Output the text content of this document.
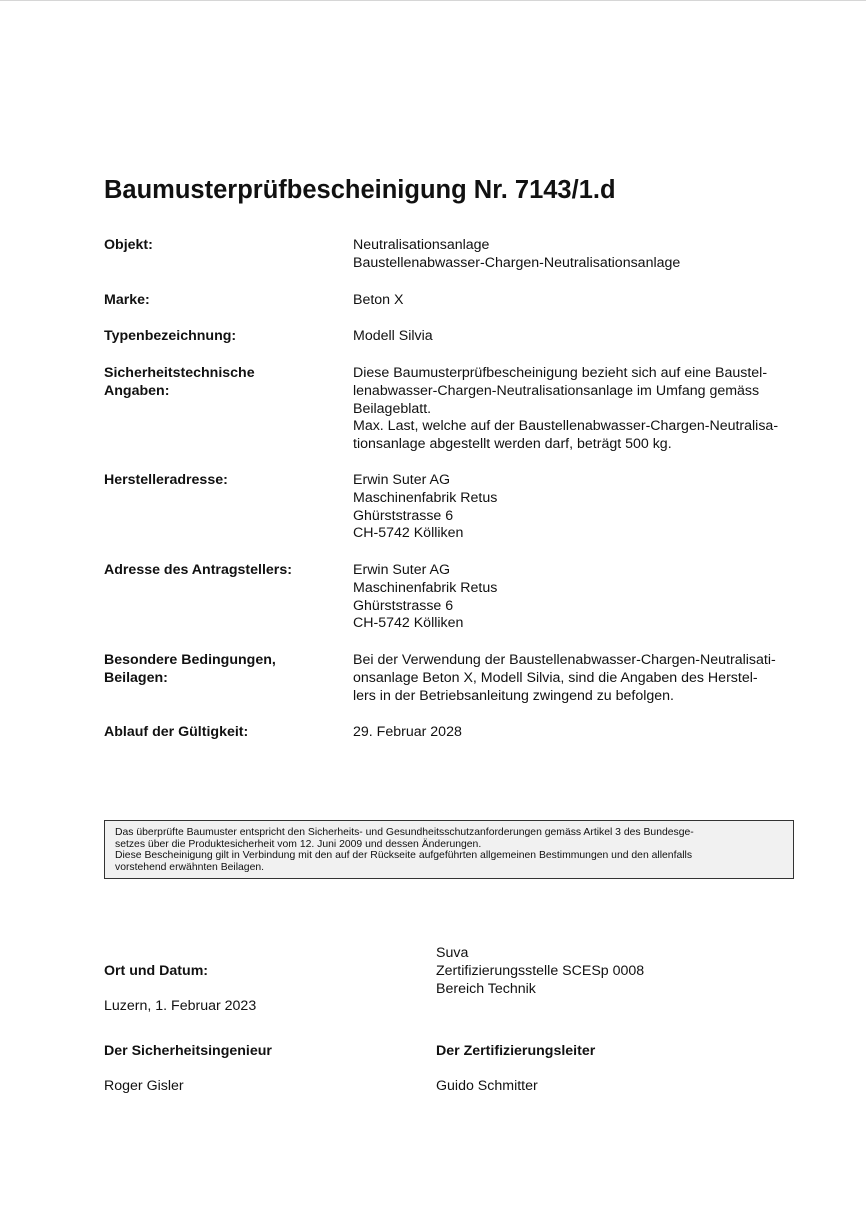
Baumusterprüfbescheinigung Nr. 7143/1.d
Objekt:	Neutralisationsanlage
Baustellenabwasser-Chargen-Neutralisationsanlage
Marke:	Beton X
Typenbezeichnung:	Modell Silvia
Sicherheitstechnische
Angaben:
Diese Baumusterprüfbescheinigung bezieht sich auf eine Baustel-
lenabwasser-Chargen-Neutralisationsanlage im Umfang gemäss
Beilageblatt.
Max. Last, welche auf der Baustellenabwasser-Chargen-Neutralisa-
tionsanlage abgestellt werden darf, beträgt 500 kg.
Herstelleradresse:	Erwin Suter AG
Maschinenfabrik Retus
Ghürststrasse 6
CH-5742 Kölliken
Adresse des Antragstellers:	Erwin Suter AG
Maschinenfabrik Retus
Ghürststrasse 6
CH-5742 Kölliken
Besondere Bedingungen,
Beilagen:
Bei der Verwendung der Baustellenabwasser-Chargen-Neutralisati-
onsanlage Beton X, Modell Silvia, sind die Angaben des Herstel-
lers in der Betriebsanleitung zwingend zu befolgen.
Ablauf der Gültigkeit:	29. Februar 2028
Das überprüfte Baumuster entspricht den Sicherheits- und Gesundheitsschutzanforderungen gemäss Artikel 3 des Bundesge-
setzes über die Produktesicherheit vom 12. Juni 2009 und dessen Änderungen.
Diese Bescheinigung gilt in Verbindung mit den auf der Rückseite aufgeführten allgemeinen Bestimmungen und den allenfalls
vorstehend erwähnten Beilagen.

Ort und Datum:

Luzern, 1. Februar 2023

Suva
Zertifizierungsstelle SCESp 0008
Bereich Technik

Der Sicherheitsingenieur

Roger Gisler

Der Zertifizierungsleiter

Guido Schmitter
